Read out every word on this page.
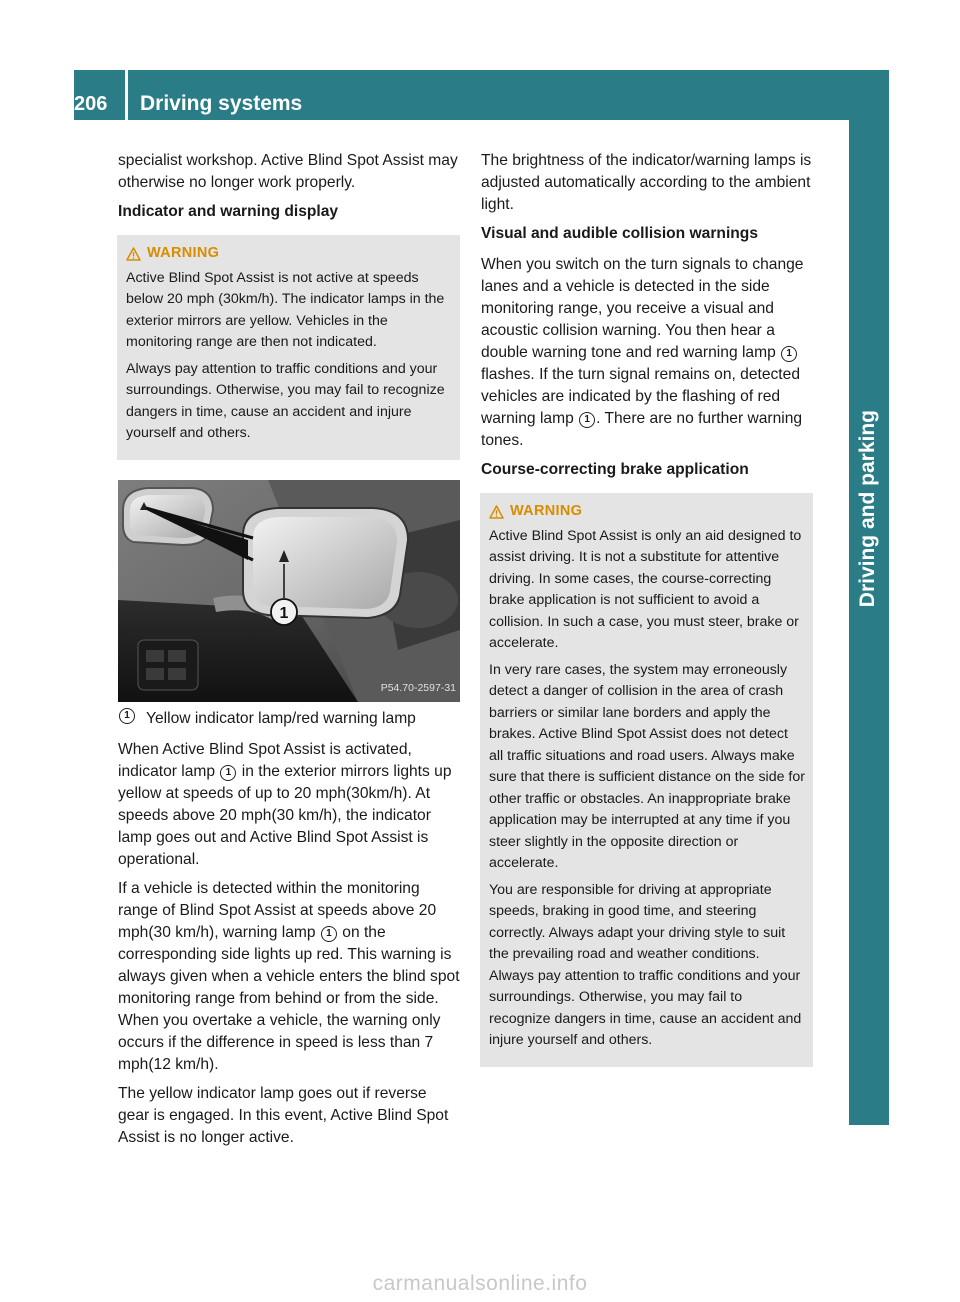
206	Driving systems
Driving and parking

specialist workshop. Active Blind Spot Assist may otherwise no longer work properly.

Indicator and warning display

WARNING

Active Blind Spot Assist is not active at speeds below 20 mph (30km/h). The indicator lamps in the exterior mirrors are yellow. Vehicles in the monitoring range are then not indicated.

Always pay attention to traffic conditions and your surroundings. Otherwise, you may fail to recognize dangers in time, cause an accident and injure yourself and others.

1
P54.70-2597-31
1	Yellow indicator lamp/red warning lamp

When Active Blind Spot Assist is activated, indicator lamp 1 in the exterior mirrors lights up yellow at speeds of up to 20 mph(30km/h). At speeds above 20 mph(30 km/h), the indicator lamp goes out and Active Blind Spot Assist is operational.

If a vehicle is detected within the monitoring range of Blind Spot Assist at speeds above 20 mph(30 km/h), warning lamp 1 on the corresponding side lights up red. This warning is always given when a vehicle enters the blind spot monitoring range from behind or from the side. When you overtake a vehicle, the warning only occurs if the difference in speed is less than 7 mph(12 km/h).

The yellow indicator lamp goes out if reverse gear is engaged. In this event, Active Blind Spot Assist is no longer active.

The brightness of the indicator/warning lamps is adjusted automatically according to the ambient light.

Visual and audible collision warnings

When you switch on the turn signals to change lanes and a vehicle is detected in the side monitoring range, you receive a visual and acoustic collision warning. You then hear a double warning tone and red warning lamp 1 flashes. If the turn signal remains on, detected vehicles are indicated by the flashing of red warning lamp 1 . There are no further warning tones.

Course-correcting brake application

WARNING

Active Blind Spot Assist is only an aid designed to assist driving. It is not a substitute for attentive driving. In some cases, the course-correcting brake application is not sufficient to avoid a collision. In such a case, you must steer, brake or accelerate.

In very rare cases, the system may erroneously detect a danger of collision in the area of crash barriers or similar lane borders and apply the brakes. Active Blind Spot Assist does not detect all traffic situations and road users. Always make sure that there is sufficient distance on the side for other traffic or obstacles. An inappropriate brake application may be interrupted at any time if you steer slightly in the opposite direction or accelerate.

You are responsible for driving at appropriate speeds, braking in good time, and steering correctly. Always adapt your driving style to suit the prevailing road and weather conditions. Always pay attention to traffic conditions and your surroundings. Otherwise, you may fail to recognize dangers in time, cause an accident and injure yourself and others.

carmanualsonline.info
